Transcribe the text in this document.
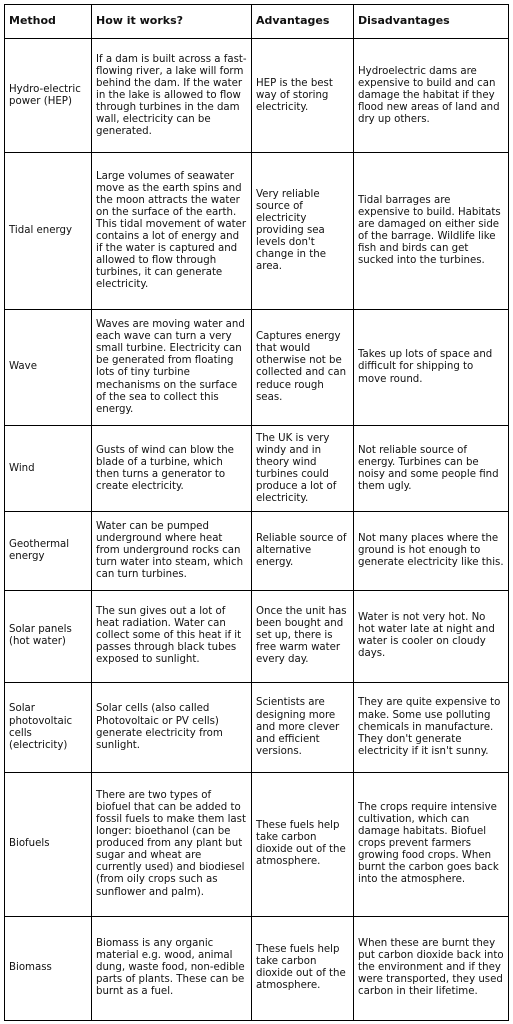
Method	How it works?	Advantages	Disadvantages
Hydro-electric power (HEP)	If a dam is built across a fast-flowing river, a lake will form behind the dam. If the water in the lake is allowed to flow through turbines in the dam wall, electricity can be generated.	HEP is the best way of storing electricity.	Hydroelectric dams are expensive to build and can damage the habitat if they flood new areas of land and dry up others.
Tidal energy	Large volumes of seawater move as the earth spins and the moon attracts the water on the surface of the earth. This tidal movement of water contains a lot of energy and if the water is captured and allowed to flow through turbines, it can generate electricity.	Very reliable source of electricity providing sea levels don't change in the area.	Tidal barrages are expensive to build. Habitats are damaged on either side of the barrage. Wildlife like fish and birds can get sucked into the turbines.
Wave	Waves are moving water and each wave can turn a very small turbine. Electricity can be generated from floating lots of tiny turbine mechanisms on the surface of the sea to collect this energy.	Captures energy that would otherwise not be collected and can reduce rough seas.	Takes up lots of space and difficult for shipping to move round.
Wind	Gusts of wind can blow the blade of a turbine, which then turns a generator to create electricity.	The UK is very windy and in theory wind turbines could produce a lot of electricity.	Not reliable source of energy. Turbines can be noisy and some people find them ugly.
Geothermal energy	Water can be pumped underground where heat from underground rocks can turn water into steam, which can turn turbines.	Reliable source of alternative energy.	Not many places where the ground is hot enough to generate electricity like this.
Solar panels (hot water)	The sun gives out a lot of heat radiation. Water can collect some of this heat if it passes through black tubes exposed to sunlight.	Once the unit has been bought and set up, there is free warm water every day.	Water is not very hot. No hot water late at night and water is cooler on cloudy days.
Solar photovoltaic cells (electricity)	Solar cells (also called Photovoltaic or PV cells) generate electricity from sunlight.	Scientists are designing more and more clever and efficient versions.	They are quite expensive to make. Some use polluting chemicals in manufacture. They don't generate electricity if it isn't sunny.
Biofuels	There are two types of biofuel that can be added to fossil fuels to make them last longer: bioethanol (can be produced from any plant but sugar and wheat are currently used) and biodiesel (from oily crops such as sunflower and palm).	These fuels help take carbon dioxide out of the atmosphere.	The crops require intensive cultivation, which can damage habitats. Biofuel crops prevent farmers growing food crops. When burnt the carbon goes back into the atmosphere.
Biomass	Biomass is any organic material e.g. wood, animal dung, waste food, non-edible parts of plants. These can be burnt as a fuel.	These fuels help take carbon dioxide out of the atmosphere.	When these are burnt they put carbon dioxide back into the environment and if they were transported, they used carbon in their lifetime.
